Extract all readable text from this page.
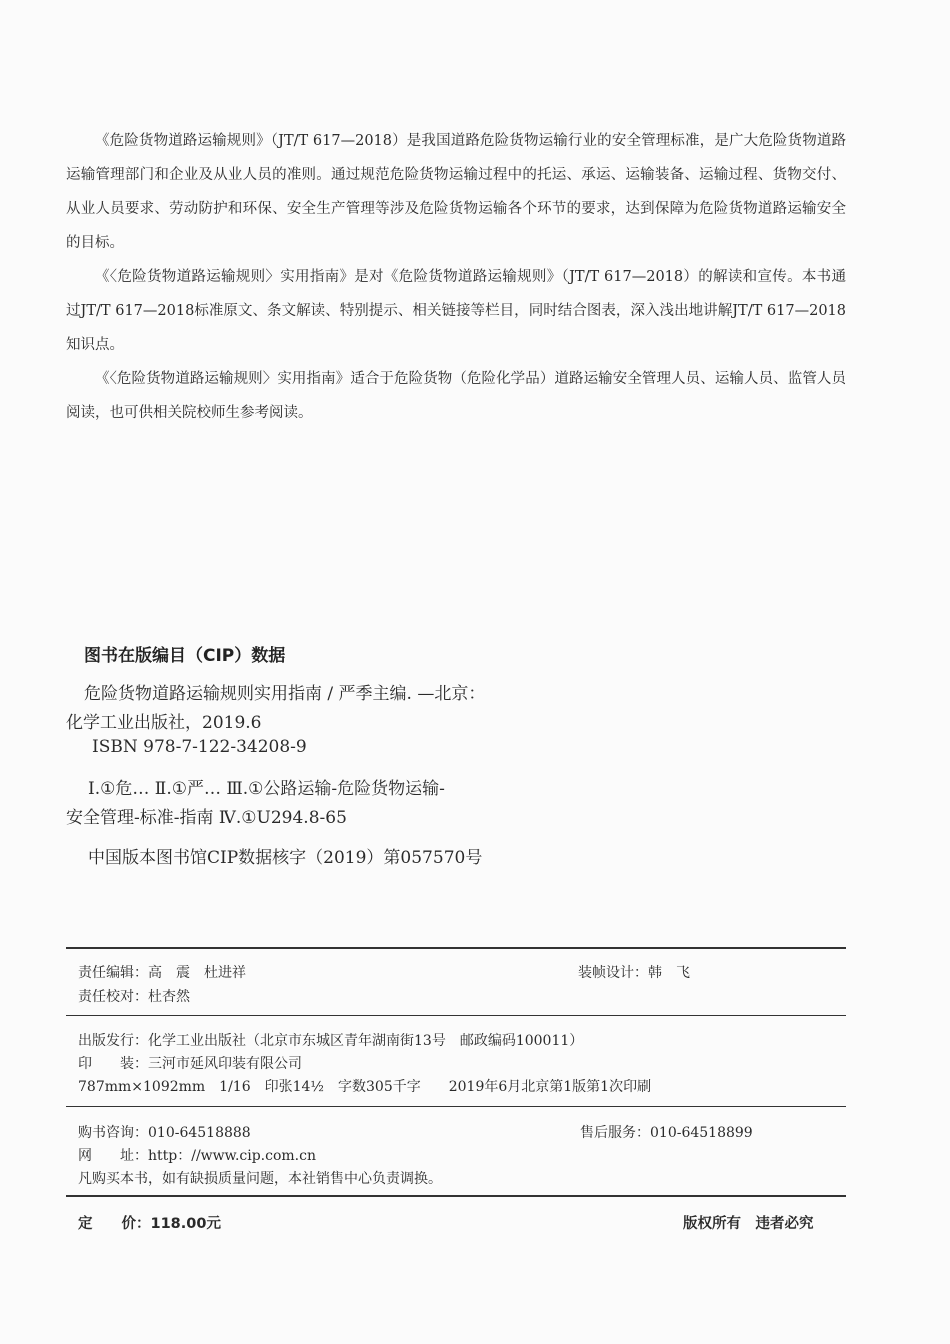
《危险货物道路运输规则》（JT/T 617—2018）是我国道路危险货物运输行业的安全管理标准，是广大危险货物道路运输管理部门和企业及从业人员的准则。通过规范危险货物运输过程中的托运、承运、运输装备、运输过程、货物交付、从业人员要求、劳动防护和环保、安全生产管理等涉及危险货物运输各个环节的要求，达到保障为危险货物道路运输安全的目标。

《〈危险货物道路运输规则〉实用指南》是对《危险货物道路运输规则》（JT/T 617—2018）的解读和宣传。本书通过JT/T 617—2018标准原文、条文解读、特别提示、相关链接等栏目，同时结合图表，深入浅出地讲解JT/T 617—2018知识点。

《〈危险货物道路运输规则〉实用指南》适合于危险货物（危险化学品）道路运输安全管理人员、运输人员、监管人员阅读，也可供相关院校师生参考阅读。

图书在版编目（CIP）数据
危险货物道路运输规则实用指南 / 严季主编. —北京：
化学工业出版社，2019.6
ISBN 978-7-122-34208-9
Ⅰ.①危… Ⅱ.①严… Ⅲ.①公路运输-危险货物运输-
安全管理-标准-指南 Ⅳ.①U294.8-65
中国版本图书馆CIP数据核字（2019）第057570号
责任编辑：高　震　杜进祥	装帧设计：韩　飞
责任校对：杜杏然
出版发行：化学工业出版社（北京市东城区青年湖南街13号　邮政编码100011）
印　　装：三河市延风印装有限公司
787mm×1092mm　1/16　印张14½　字数305千字　　2019年6月北京第1版第1次印刷
购书咨询：010-64518888	售后服务：010-64518899
网　　址：http：//www.cip.com.cn
凡购买本书，如有缺损质量问题，本社销售中心负责调换。
定　　价：118.00元	版权所有　违者必究
